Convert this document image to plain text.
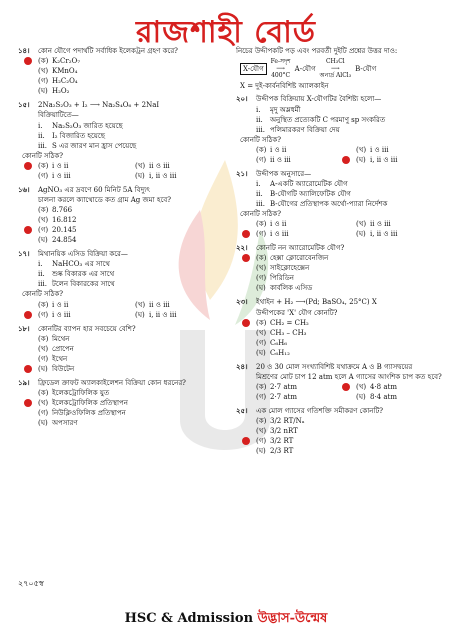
রাজশাহী বোর্ড
১৪।	কোন যৌগে পদার্থটি সর্বাধিক ইলেকট্রন গ্রহণ করে?
(ক) K₂Cr₂O₇
(খ) KMnO₄
(গ) H₂C₂O₄
(ঘ) H₂O₂
১৫।	2Na₂S₂O₃ + I₂ ⟶ Na₂S₄O₆ + 2NaI
বিক্রিয়াটিতে—
i.	Na₂S₂O₃ জারিত হয়েছে
ii.	I₂ বিজারিত হয়েছে
iii. S এর জারণ মান হ্রাস পেয়েছে
কোনটি সঠিক?
(ক) i ও ii	(খ) ii ও iii
(গ) i ও iii	(ঘ) i, ii ও iii
১৬।	AgNO₃ এর দ্রবণে 60 মিনিট 5A বিদ্যুৎ
চালনা করলে ক্যাথোডে কত গ্রাম Ag জমা হবে?
(ক) 8.766
(খ) 16.812
(গ) 20.145
(ঘ) 24.854
১৭।	মিথানয়িক এসিড বিক্রিয়া করে—
i.	NaHCO₃ এর সাথে
ii.	শুষ্ক বিকারক এর সাথে
iii. টলেন বিকারকের সাথে
কোনটি সঠিক?
(ক) i ও ii	(খ) ii ও iii
(গ) i ও iii	(ঘ) i, ii ও iii
১৮।	কোনটির ব্যাপন হার সবচেয়ে বেশি?
(ক) মিথেন
(খ) প্রোপেন
(গ) ইথেন
(ঘ) বিউটেন
১৯।	ফ্রিডেল ক্রাফট অ্যালকাইলেশন বিক্রিয়া কোন ধরনের?
(ক) ইলেকট্রোফিলিক যুত
(খ) ইলেকট্রোফিলিক প্রতিস্থাপন
(গ) নিউক্লিওফিলিক প্রতিস্থাপন
(ঘ) অপসারণ
নিচের উদ্দীপকটি পড় এবং পরবর্তী দুইটি প্রশ্নের উত্তর দাও:
X-যৌগ
Fe-সদৃশ
⟶
400°C
A-যৌগ
CH₃Cl
⟶
অনার্দ্র AlCl₃
B-যৌগ
X = দুই-কার্বনবিশিষ্ট অ্যালকাইন
২০।	উদ্দীপক বিক্রিয়ায় X-যৌগটির বৈশিষ্ট্য হলো—
i.	মৃদু অম্লধর্মী
ii.	অনুস্থিত প্রত্যেকটি C পরমাণু sp সংকরিত
iii. পলিমারকরণ বিক্রিয়া দেয়
কোনটি সঠিক?
(ক) i ও ii	(খ) i ও iii
(গ) ii ও iii	(ঘ) i, ii ও iii
২১।	উদ্দীপক অনুসারে—
i.	A-একটি অ্যারোমেটিক যৌগ
ii.	B-যৌগটি অ্যালিফেটিক যৌগ
iii. B-যৌগের প্রতিস্থাপক অর্থো-প্যারা নির্দেশক
কোনটি সঠিক?
(ক) i ও ii	(খ) ii ও iii
(গ) i ও iii	(ঘ) i, ii ও iii
২২।	কোনটি নন অ্যারোমেটিক যৌগ?
(ক) হেক্সা ক্লোরোবেনজিন
(খ) সাইক্লোহেক্সেন
(গ) পিরিডিন
(ঘ) কার্বলিক এসিড
২৩।	ইথাইন + H₂ ⟶(Pd; BaSO₄, 25°C) X
উদ্দীপকের 'X' যৌগ কোনটি?
(ক) CH₂ = CH₂
(খ) CH₃ – CH₃
(গ) C₆H₆
(ঘ) C₆H₁₂
২৪।	20 ও 30 মোল সংখ্যাবিশিষ্ট যথাক্রমে A ও B গ্যাসদ্বয়ের
মিশ্রণের মোট চাপ 12 atm হলে A গ্যাসের আংশিক চাপ কত হবে?
(ক) 2·7 atm	(খ) 4·8 atm
(গ) 2·7 atm	(ঘ) 8·4 atm
২৫।	এক মোল গ্যাসের গতিশক্তি সমীকরণ কোনটি?
(ক) 3/2 RT/Nₐ
(খ) 3/2 nRT
(গ) 3/2 RT
(ঘ) 2/3 RT
২৭০৫স্ব
HSC & Admission উদ্ভাস-উন্মেষ
